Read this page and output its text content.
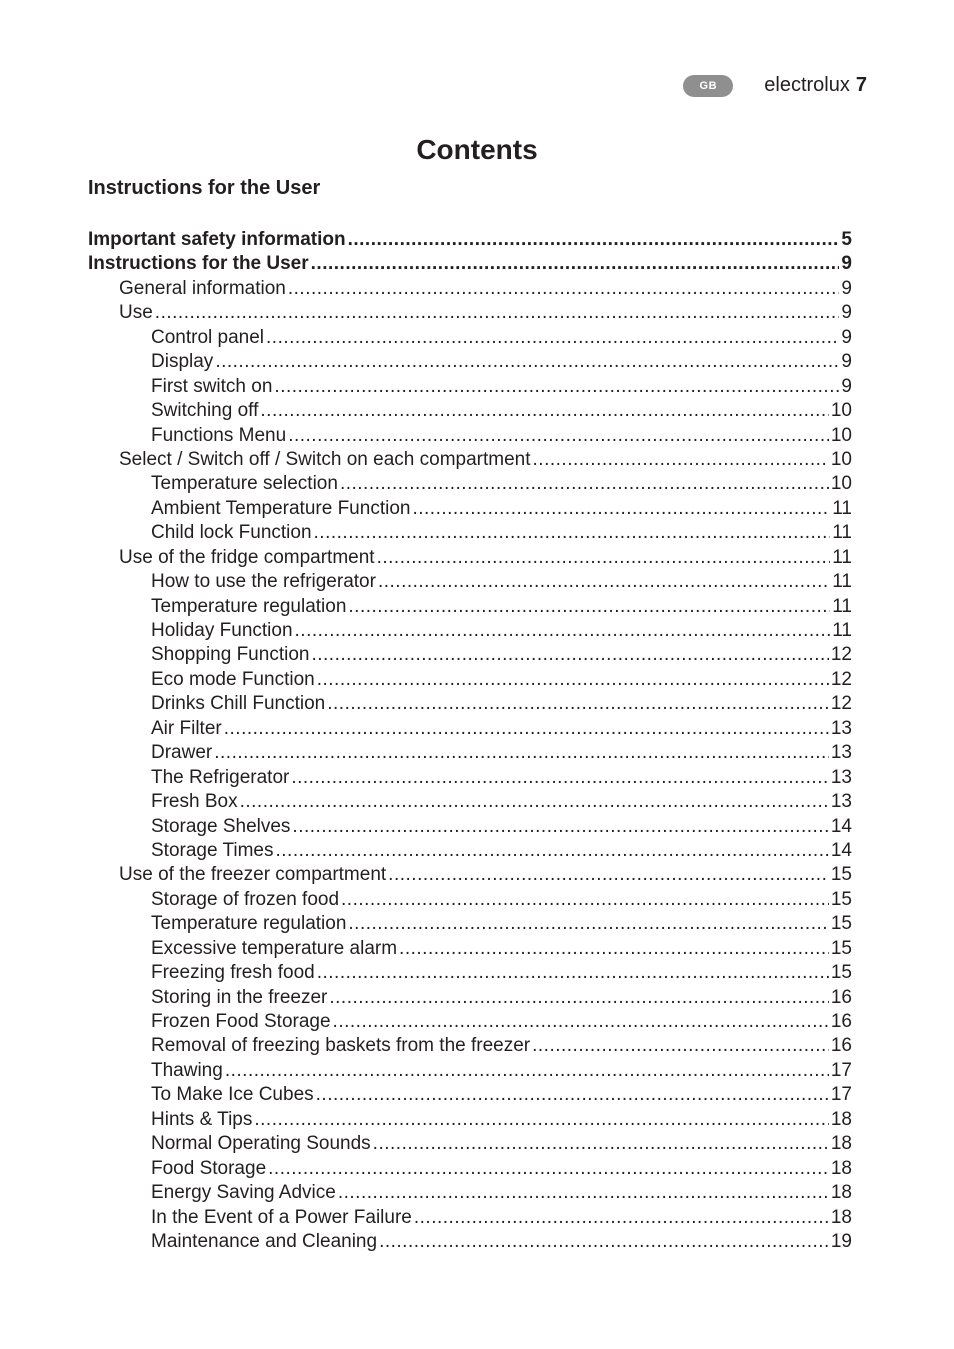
GB	electrolux 7
Contents
Instructions for the User
Important safety information .....	5
Instructions for the User .....	9
General information .....	9
Use .....	9
Control panel .....	9
Display .....	9
First switch on .....	9
Switching off .....	10
Functions Menu .....	10
Select / Switch off / Switch on each compartment .....	10
Temperature selection .....	10
Ambient Temperature Function .....	11
Child lock Function .....	11
Use of the fridge compartment .....	11
How to use the refrigerator .....	11
Temperature regulation .....	11
Holiday Function .....	11
Shopping Function .....	12
Eco mode Function .....	12
Drinks Chill Function .....	12
Air Filter .....	13
Drawer .....	13
The Refrigerator .....	13
Fresh Box .....	13
Storage Shelves .....	14
Storage Times .....	14
Use of the freezer compartment .....	15
Storage of frozen food .....	15
Temperature regulation .....	15
Excessive temperature alarm .....	15
Freezing fresh food .....	15
Storing in the freezer .....	16
Frozen Food Storage .....	16
Removal of freezing baskets from the freezer .....	16
Thawing .....	17
To Make Ice Cubes .....	17
Hints & Tips .....	18
Normal Operating Sounds .....	18
Food Storage .....	18
Energy Saving Advice .....	18
In the Event of a Power Failure .....	18
Maintenance and Cleaning .....	19
